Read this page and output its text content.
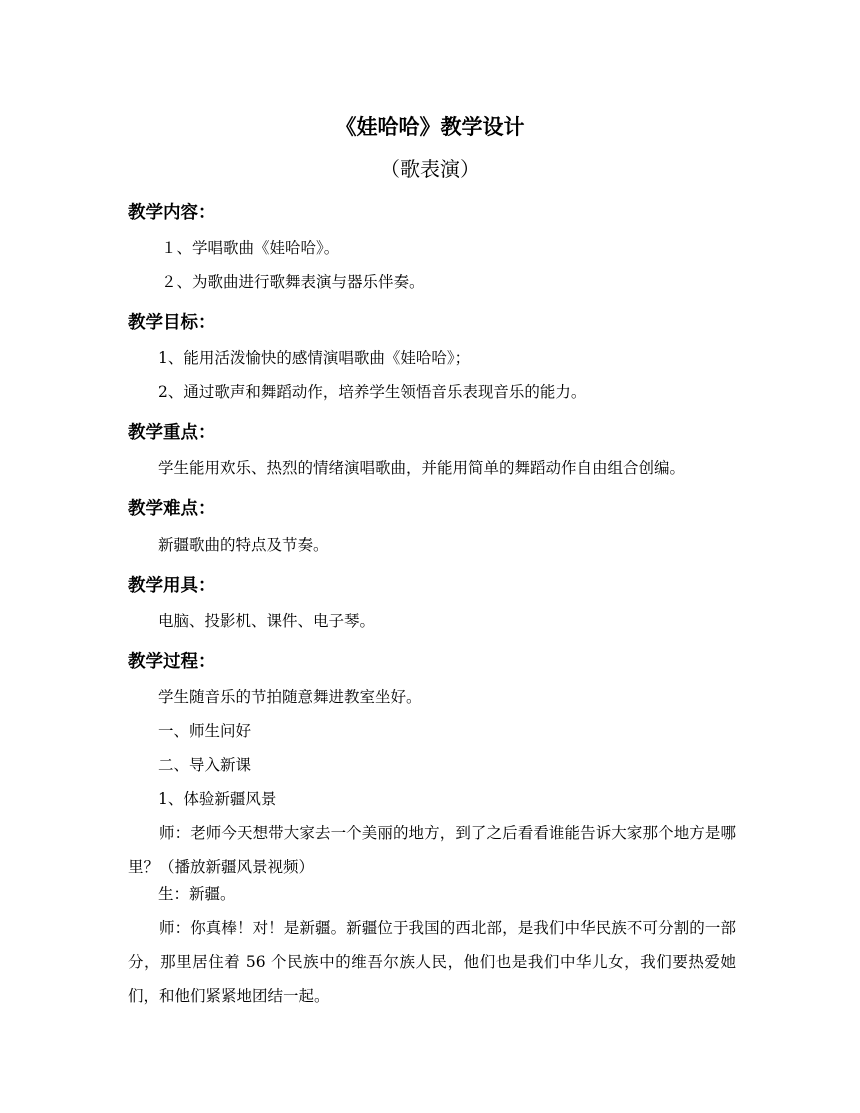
《娃哈哈》教学设计
（歌表演）
教学内容：
１、学唱歌曲《娃哈哈》。
２、为歌曲进行歌舞表演与器乐伴奏。
教学目标：
1、能用活泼愉快的感情演唱歌曲《娃哈哈》；
2、通过歌声和舞蹈动作，培养学生领悟音乐表现音乐的能力。
教学重点：
学生能用欢乐、热烈的情绪演唱歌曲，并能用简单的舞蹈动作自由组合创编。
教学难点：
新疆歌曲的特点及节奏。
教学用具：
电脑、投影机、课件、电子琴。
教学过程：
学生随音乐的节拍随意舞进教室坐好。
一、师生问好
二、导入新课
1、体验新疆风景
师：老师今天想带大家去一个美丽的地方，到了之后看看谁能告诉大家那个地方是哪里？（播放新疆风景视频）
生：新疆。
师：你真棒！对！是新疆。新疆位于我国的西北部，是我们中华民族不可分割的一部分，那里居住着 56 个民族中的维吾尔族人民，他们也是我们中华儿女，我们要热爱她们，和他们紧紧地团结一起。
